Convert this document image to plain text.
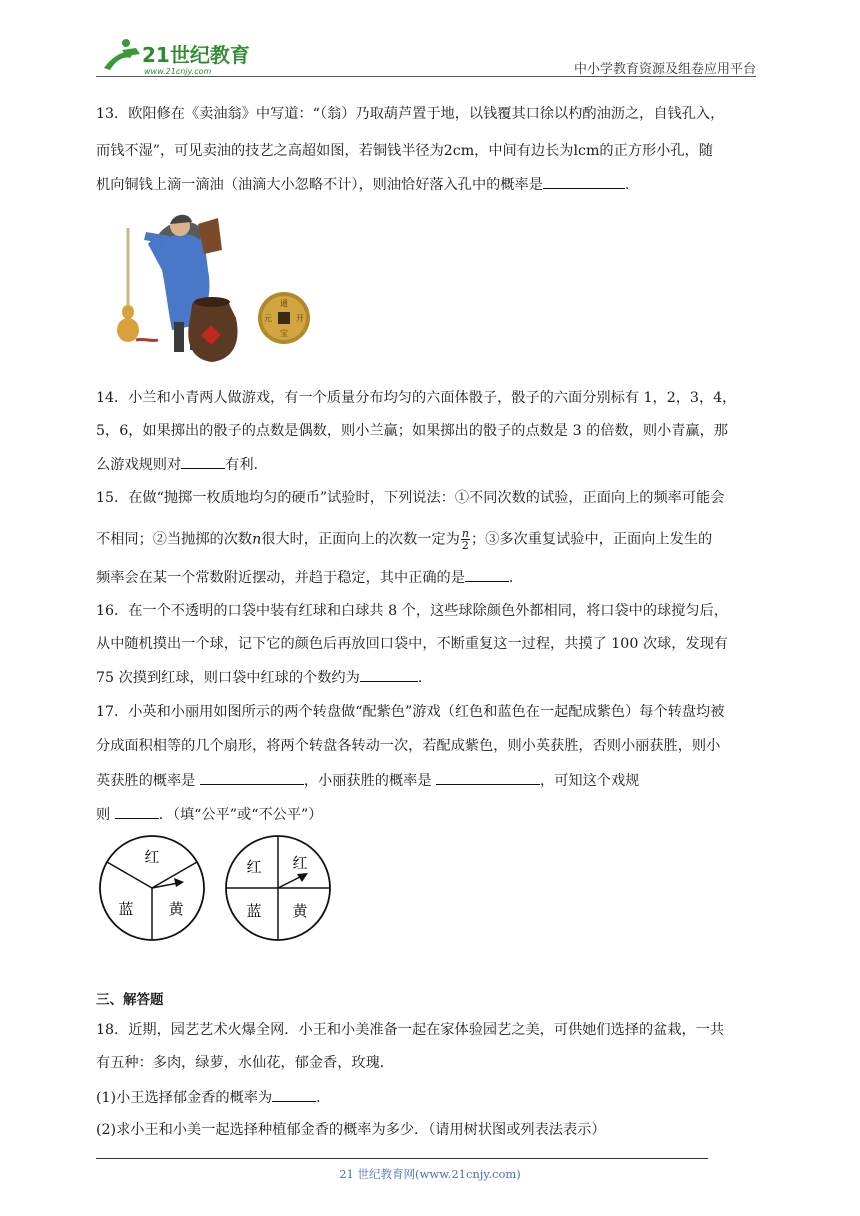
21世纪教育
www.21cnjy.com	中小学教育资源及组卷应用平台
13．欧阳修在《卖油翁》中写道：“（翁）乃取葫芦置于地，以钱覆其口徐以杓酌油沥之，自钱孔入，
而钱不湿”，可见卖油的技艺之高超如图，若铜钱半径为2cm，中间有边长为lcm的正方形小孔，随
机向铜钱上滴一滴油（油滴大小忽略不计），则油恰好落入孔中的概率是	.
通
宝
元	开
14．小兰和小青两人做游戏，有一个质量分布均匀的六面体骰子，骰子的六面分别标有 1，2，3，4，
5，6，如果掷出的骰子的点数是偶数，则小兰赢；如果掷出的骰子的点数是 3 的倍数，则小青赢，那
么游戏规则对	有利.
15．在做“抛掷一枚质地均匀的硬币”试验时，下列说法：①不同次数的试验，正面向上的频率可能会
不相同；②当抛掷的次数n很大时，正面向上的次数一定为 $\frac{n}{2}$ ；③多次重复试验中，正面向上发生的
频率会在某一个常数附近摆动，并趋于稳定，其中正确的是	.
16．在一个不透明的口袋中装有红球和白球共 8 个，这些球除颜色外都相同，将口袋中的球搅匀后，
从中随机摸出一个球，记下它的颜色后再放回口袋中，不断重复这一过程，共摸了 100 次球，发现有
75 次摸到红球，则口袋中红球的个数约为	.
17．小英和小丽用如图所示的两个转盘做“配紫色”游戏（红色和蓝色在一起配成紫色）每个转盘均被
分成面积相等的几个扇形，将两个转盘各转动一次，若配成紫色，则小英获胜，否则小丽获胜，则小
英获胜的概率是	，小丽获胜的概率是	，可知这个戏规
则	．（填“公平”或“不公平”）
红
蓝 黄
红 红
蓝 黄
三、解答题
18．近期，园艺艺术火爆全网．小王和小美准备一起在家体验园艺之美，可供她们选择的盆栽，一共
有五种：多肉，绿萝，水仙花，郁金香，玫瑰．
(1)小王选择郁金香的概率为	．
(2)求小王和小美一起选择种植郁金香的概率为多少．（请用树状图或列表法表示）
21 世纪教育网(www.21cnjy.com)
